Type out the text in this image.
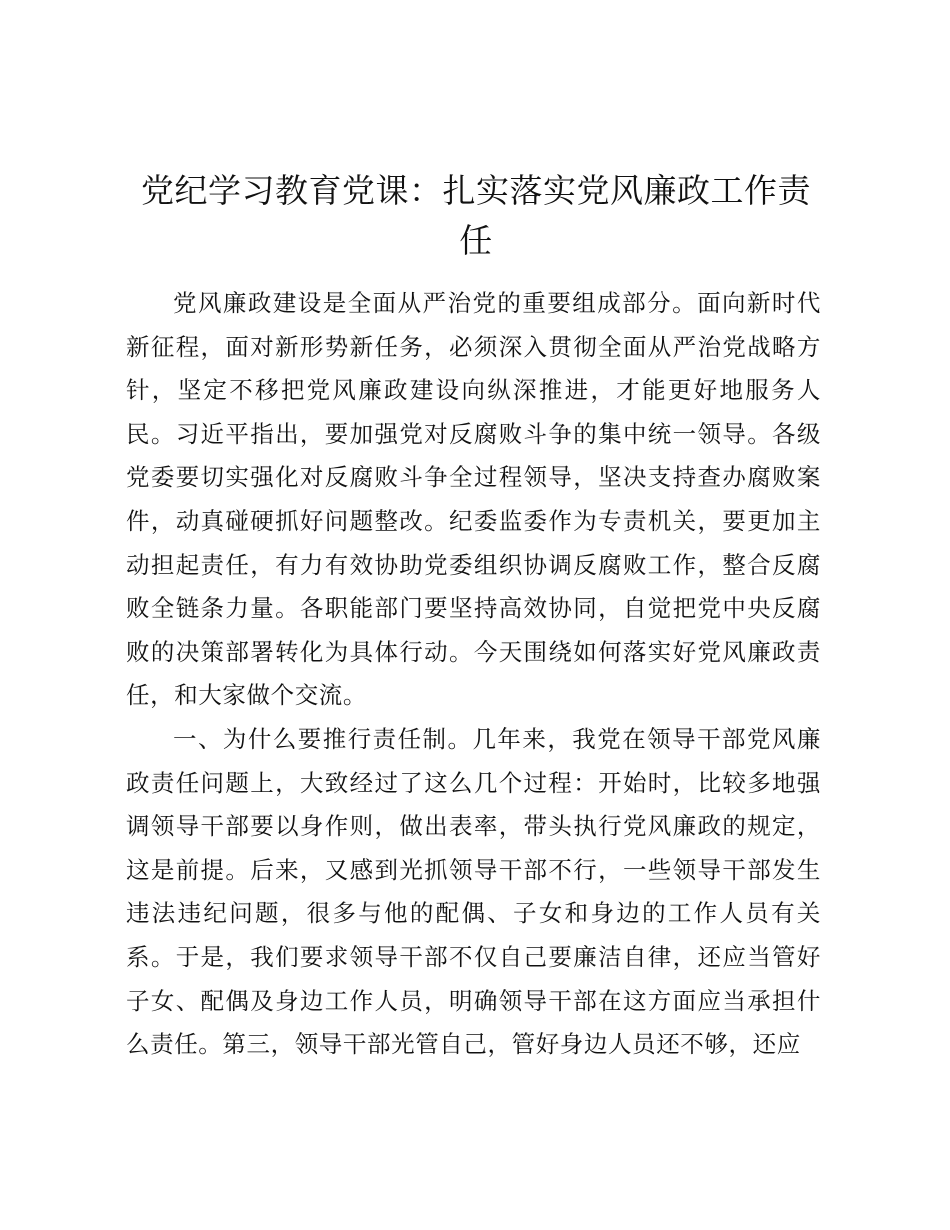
党纪学习教育党课：扎实落实党风廉政工作责任

党风廉政建设是全面从严治党的重要组成部分。面向新时代新征程，面对新形势新任务，必须深入贯彻全面从严治党战略方针，坚定不移把党风廉政建设向纵深推进，才能更好地服务人民。习近平指出，要加强党对反腐败斗争的集中统一领导。各级党委要切实强化对反腐败斗争全过程领导，坚决支持查办腐败案件，动真碰硬抓好问题整改。纪委监委作为专责机关，要更加主动担起责任，有力有效协助党委组织协调反腐败工作，整合反腐败全链条力量。各职能部门要坚持高效协同，自觉把党中央反腐败的决策部署转化为具体行动。今天围绕如何落实好党风廉政责任，和大家做个交流。

一、为什么要推行责任制。几年来，我党在领导干部党风廉政责任问题上，大致经过了这么几个过程：开始时，比较多地强调领导干部要以身作则，做出表率，带头执行党风廉政的规定，这是前提。后来，又感到光抓领导干部不行，一些领导干部发生违法违纪问题，很多与他的配偶、子女和身边的工作人员有关系。于是，我们要求领导干部不仅自己要廉洁自律，还应当管好子女、配偶及身边工作人员，明确领导干部在这方面应当承担什么责任。第三，领导干部光管自己，管好身边人员还不够，还应
